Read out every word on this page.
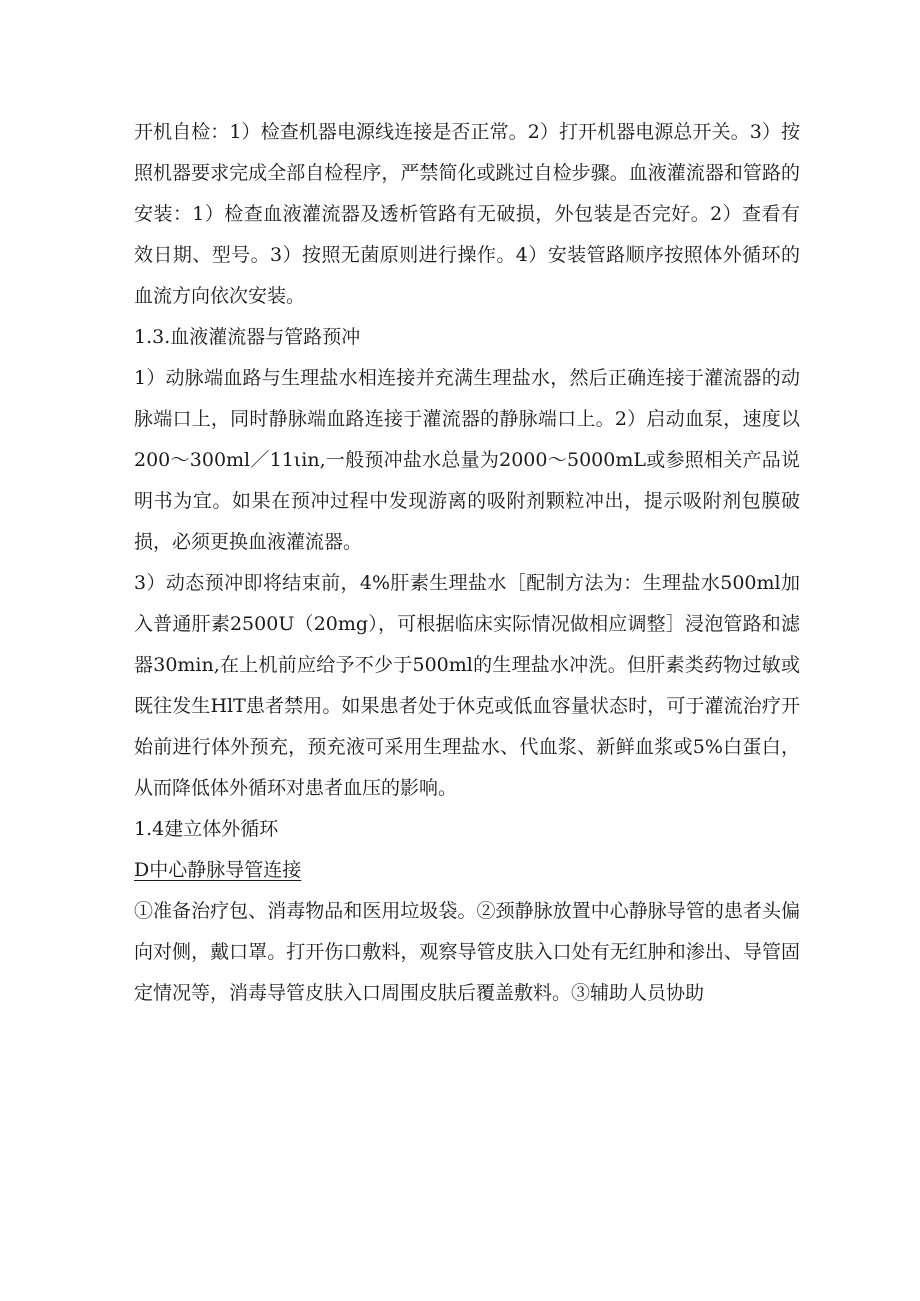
开机自检：1）检查机器电源线连接是否正常。2）打开机器电源总开关。3）按照机器要求完成全部自检程序，严禁简化或跳过自检步骤。血液灌流器和管路的安装：1）检查血液灌流器及透析管路有无破损，外包装是否完好。2）查看有效日期、型号。3）按照无菌原则进行操作。4）安装管路顺序按照体外循环的血流方向依次安装。

1.3.血液灌流器与管路预冲

1）动脉端血路与生理盐水相连接并充满生理盐水，然后正确连接于灌流器的动脉端口上，同时静脉端血路连接于灌流器的静脉端口上。2）启动血泵，速度以200～300ml／11ιin,一般预冲盐水总量为2000～5000mL或参照相关产品说明书为宜。如果在预冲过程中发现游离的吸附剂颗粒冲出，提示吸附剂包膜破损，必须更换血液灌流器。

3）动态预冲即将结束前，4%肝素生理盐水［配制方法为：生理盐水500ml加入普通肝素2500U（20mg），可根据临床实际情况做相应调整］浸泡管路和滤器30min,在上机前应给予不少于500ml的生理盐水冲洗。但肝素类药物过敏或既往发生HlT患者禁用。如果患者处于休克或低血容量状态时，可于灌流治疗开始前进行体外预充，预充液可采用生理盐水、代血浆、新鲜血浆或5%白蛋白，从而降低体外循环对患者血压的影响。

1.4建立体外循环

D中心静脉导管连接

①准备治疗包、消毒物品和医用垃圾袋。②颈静脉放置中心静脉导管的患者头偏向对侧，戴口罩。打开伤口敷料，观察导管皮肤入口处有无红肿和渗出、导管固定情况等，消毒导管皮肤入口周围皮肤后覆盖敷料。③辅助人员协助
